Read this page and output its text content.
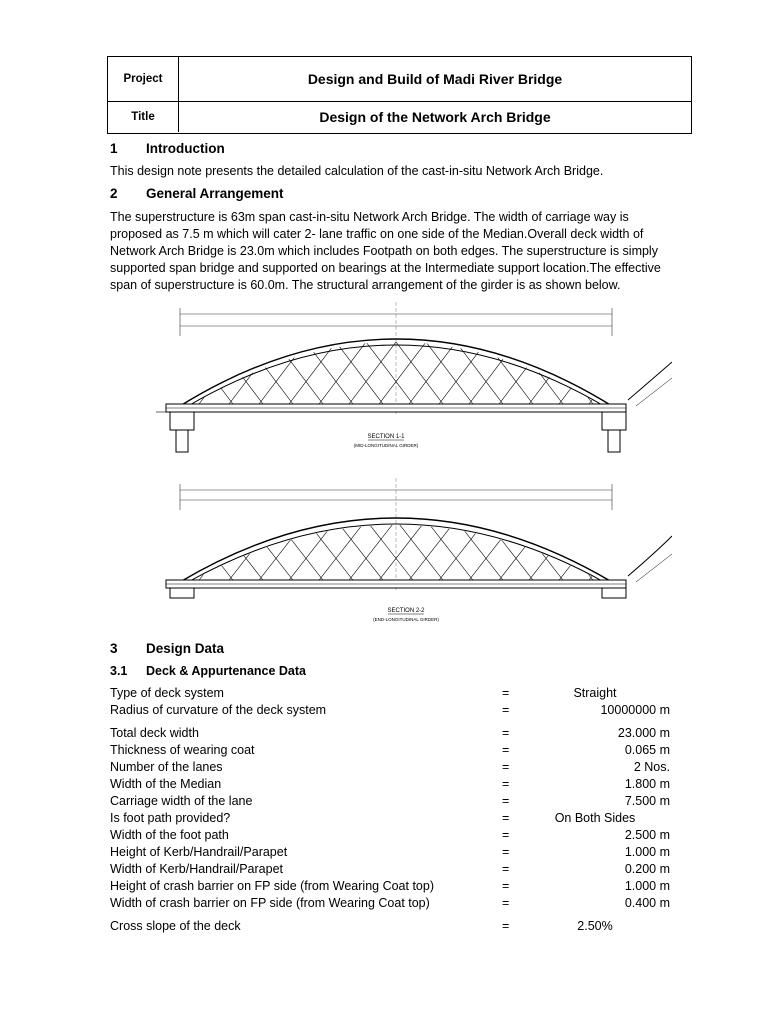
Project	Design and Build of Madi River Bridge
Title	Design of the Network Arch Bridge
1 Introduction
This design note presents the detailed calculation of the cast-in-situ Network Arch Bridge.
2 General Arrangement
The superstructure is 63m span cast-in-situ Network Arch Bridge. The width of carriage way is
proposed as 7.5 m which will cater 2- lane traffic on one side of the Median.Overall deck width of
Network Arch Bridge is 23.0m which includes Footpath on both edges. The superstructure is simply
supported span bridge and supported on bearings at the Intermediate support location.The effective
span of superstructure is 60.0m. The structural arrangement of the girder is as shown below.
SECTION 1-1
(MID-LONGITUDINAL GIRDER)
SECTION 2-2
(END-LONGITUDINAL GIRDER)
3 Design Data
3.1 Deck & Appurtenance Data
Type of deck system	=	Straight
Radius of curvature of the deck system	=	10000000 m
Total deck width	=	23.000 m
Thickness of wearing coat	=	0.065 m
Number of the lanes	=	2 Nos.
Width of the Median	=	1.800 m
Carriage width of the lane	=	7.500 m
Is foot path provided?	=	On Both Sides
Width of the foot path	=	2.500 m
Height of Kerb/Handrail/Parapet	=	1.000 m
Width of Kerb/Handrail/Parapet	=	0.200 m
Height of crash barrier on FP side (from Wearing Coat top)	=	1.000 m
Width of crash barrier on FP side (from Wearing Coat top)	=	0.400 m
Cross slope of the deck	=	2.50%
